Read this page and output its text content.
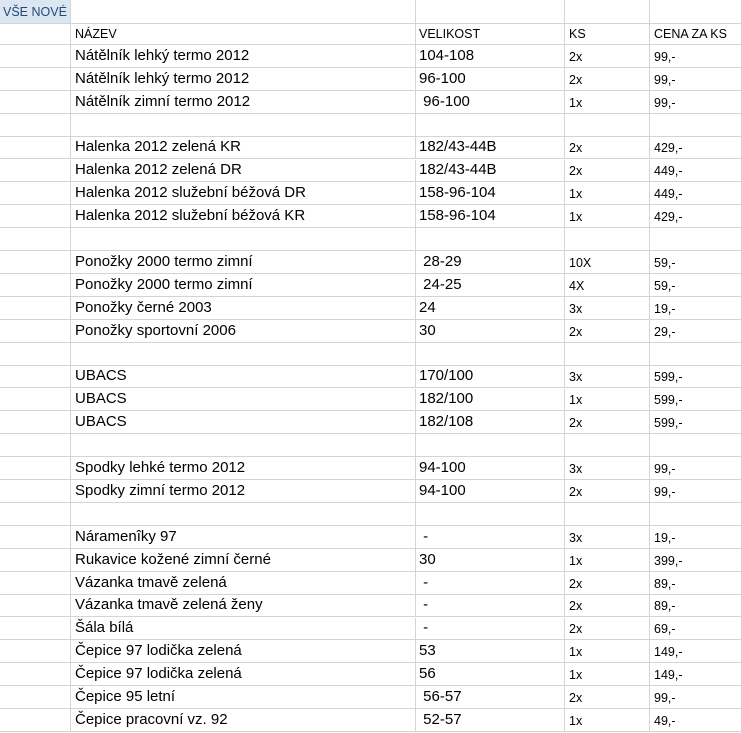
VŠE NOVÉ
NÁZEV	VELIKOST	KS	CENA ZA KS
Nátělník lehký termo 2012	104-108	2x	99,-
Nátělník lehký termo 2012	96-100	2x	99,-
Nátělník zimní termo 2012	96-100	1x	99,-
Halenka 2012 zelená KR	182/43-44B	2x	429,-
Halenka 2012 zelená DR	182/43-44B	2x	449,-
Halenka 2012 služební béžová DR	158-96-104	1x	449,-
Halenka 2012 služební béžová KR	158-96-104	1x	429,-
Ponožky 2000 termo zimní	28-29	10X	59,-
Ponožky 2000 termo zimní	24-25	4X	59,-
Ponožky černé 2003	24	3x	19,-
Ponožky sportovní 2006	30	2x	29,-
UBACS	170/100	3x	599,-
UBACS	182/100	1x	599,-
UBACS	182/108	2x	599,-
Spodky lehké termo 2012	94-100	3x	99,-
Spodky zimní termo 2012	94-100	2x	99,-
Náramenîky 97	-	3x	19,-
Rukavice kožené zimní černé	30	1x	399,-
Vázanka tmavě zelená	-	2x	89,-
Vázanka tmavě zelená ženy	-	2x	89,-
Šála bílá	-	2x	69,-
Čepice 97 lodička zelená	53	1x	149,-
Čepice 97 lodička zelená	56	1x	149,-
Čepice 95 letní	56-57	2x	99,-
Čepice pracovní vz. 92	52-57	1x	49,-
